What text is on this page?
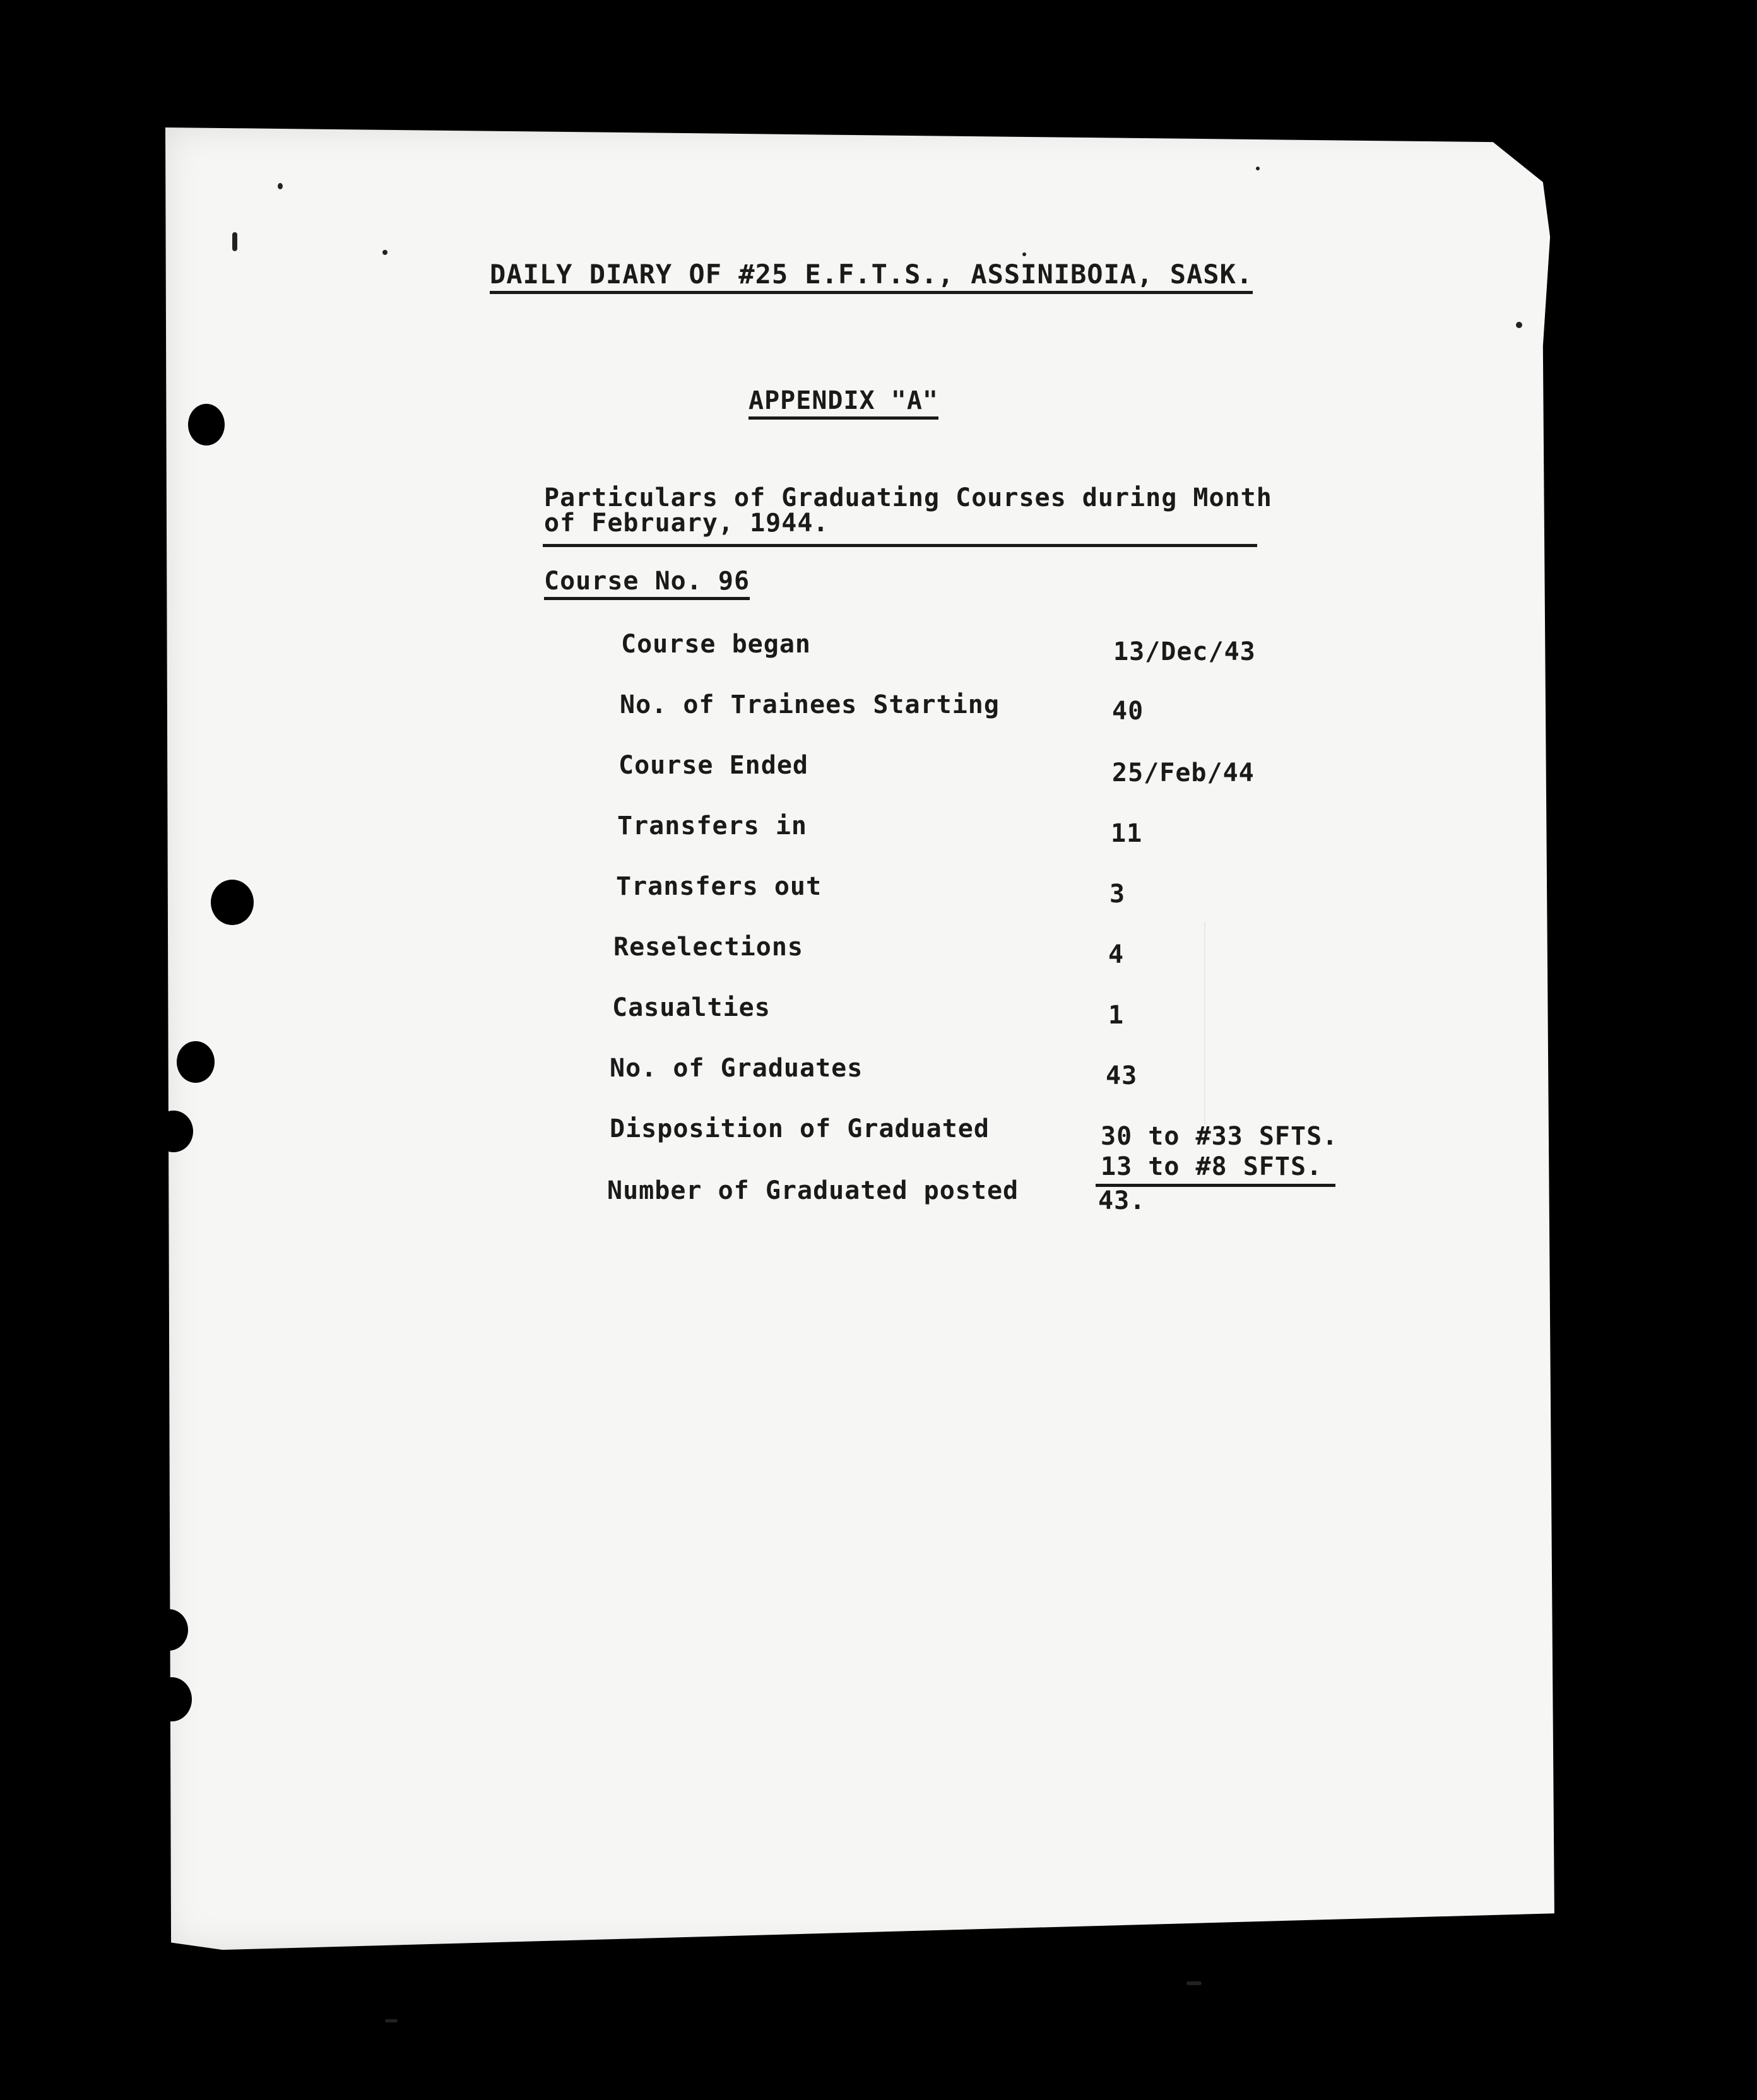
DAILY DIARY OF #25 E.F.T.S., ASSINIBOIA, SASK.
APPENDIX "A"
Particulars of Graduating Courses during Month
of February, 1944.
Course No. 96
Course began	13/Dec/43
No. of Trainees Starting	40
Course Ended	25/Feb/44
Transfers in	11
Transfers out	3
Reselections	4
Casualties	1
No. of Graduates	43
Disposition of Graduated	30 to #33 SFTS.
13 to #8 SFTS.
Number of Graduated posted	43.
